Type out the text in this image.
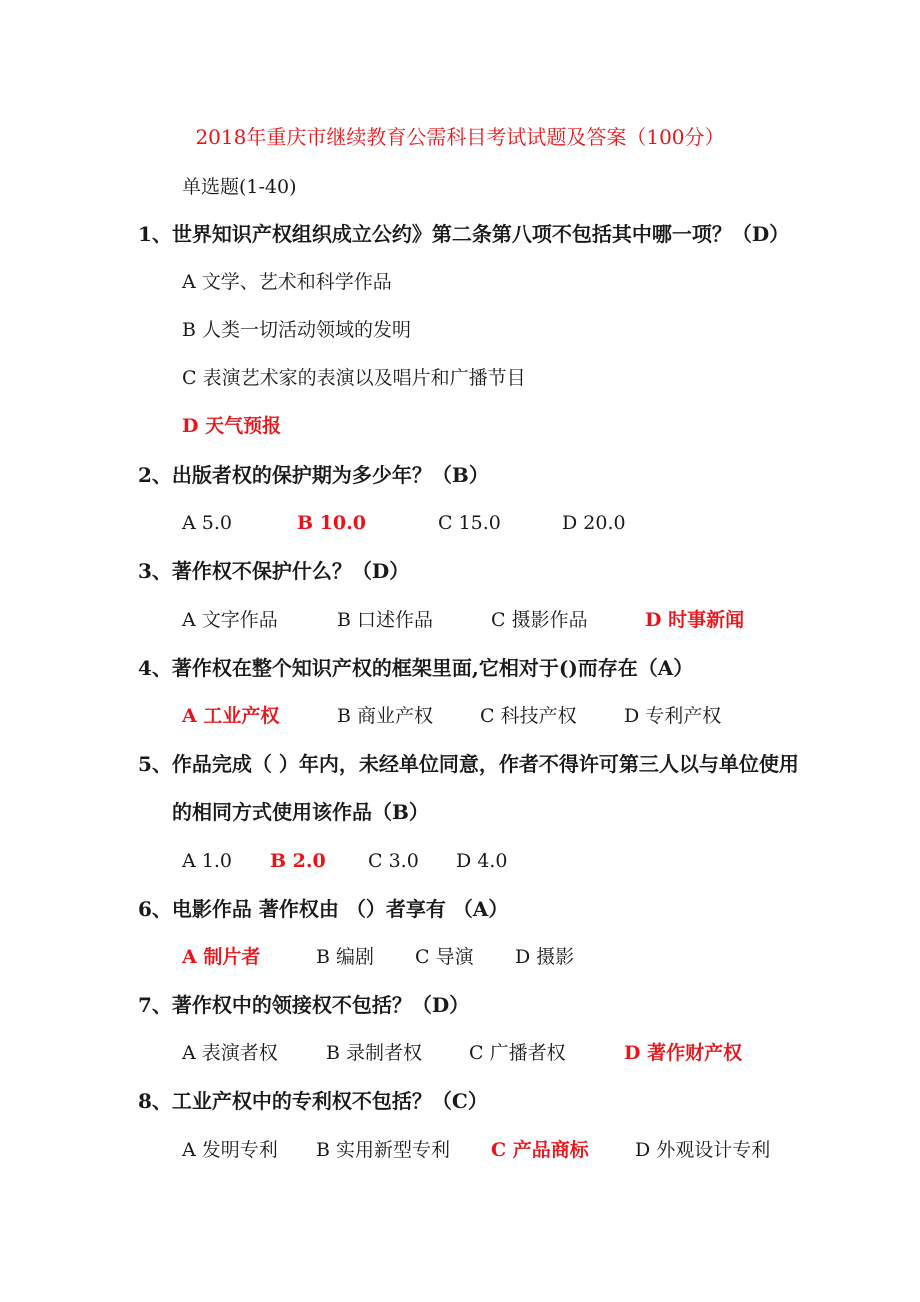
2018年重庆市继续教育公需科目考试试题及答案（100分）
单选题(1-40)
1、世界知识产权组织成立公约》第二条第八项不包括其中哪一项？（D）
A 文学、艺术和科学作品
B 人类一切活动领域的发明
C 表演艺术家的表演以及唱片和广播节目
D 天气预报
2、出版者权的保护期为多少年？（B）
A 5.0	B 10.0	C 15.0	D 20.0
3、著作权不保护什么？（D）
A 文字作品	B 口述作品	C 摄影作品	D 时事新闻
4、著作权在整个知识产权的框架里面,它相对于()而存在（A）
A 工业产权	B 商业产权 C 科技产权 D 专利产权
5、作品完成（ ）年内，未经单位同意，作者不得许可第三人以与单位使用
的相同方式使用该作品（B）
A 1.0 B 2.0 C 3.0 D 4.0
6、电影作品 著作权由 （）者享有 （A）
A 制片者	B 编剧 C 导演 D 摄影
7、著作权中的领接权不包括？（D）
A 表演者权	B 录制者权 C 广播者权	D 著作财产权
8、工业产权中的专利权不包括？（C）
A 发明专利 B 实用新型专利 C 产品商标 D 外观设计专利
